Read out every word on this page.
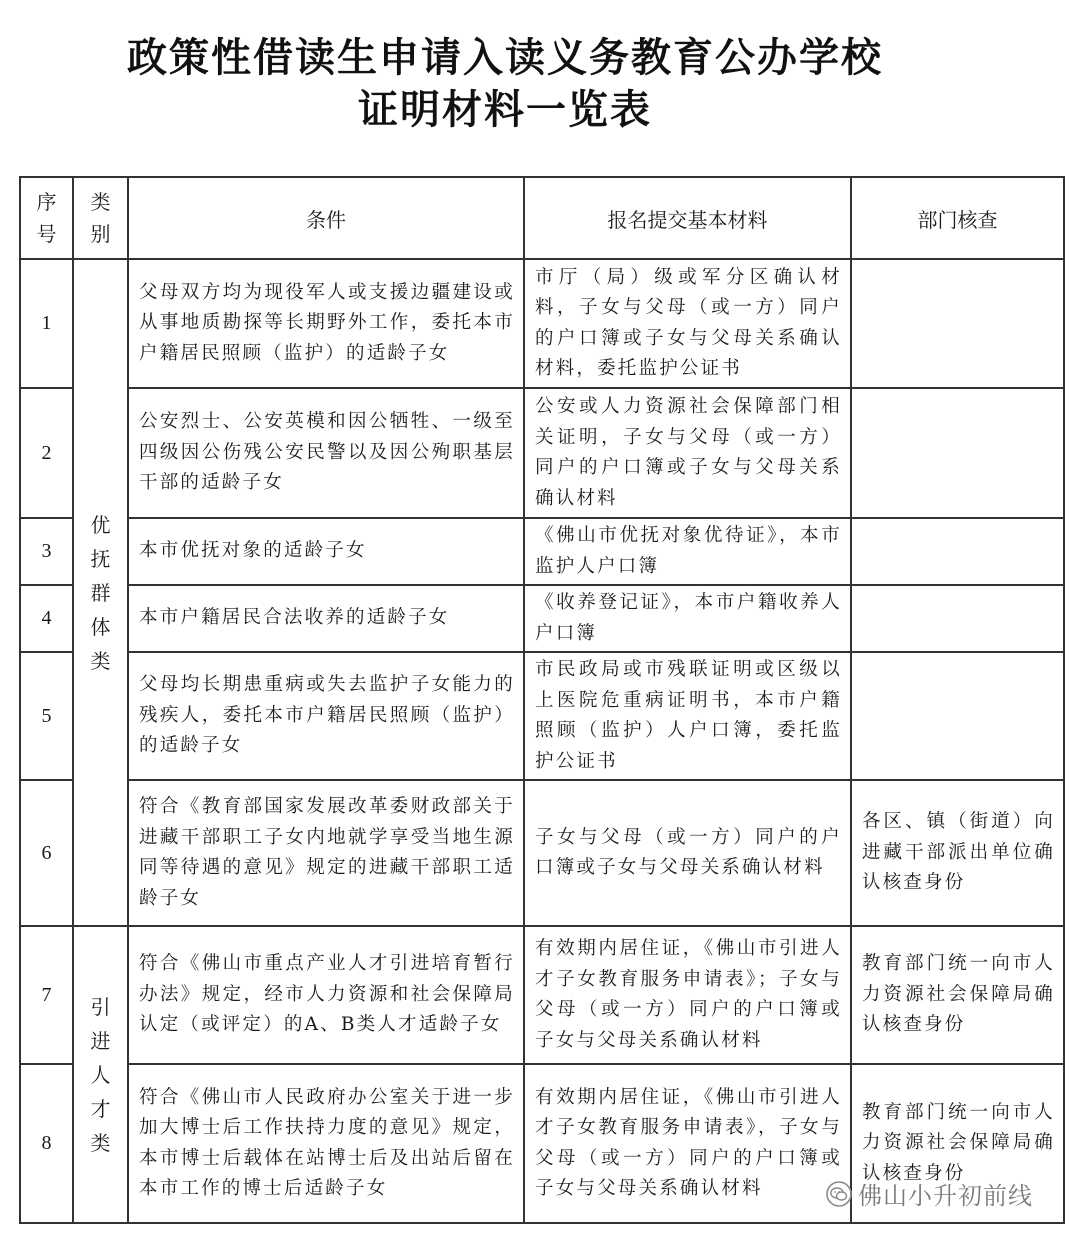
政策性借读生申请入读义务教育公办学校
证明材料一览表
序号	类别	条件	报名提交基本材料	部门核查
1	优抚群体类	父母双方均为现役军人或支援边疆建设或从事地质勘探等长期野外工作，委托本市户籍居民照顾（监护）的适龄子女	市厅（局）级或军分区确认材料，子女与父母（或一方）同户的户口簿或子女与父母关系确认材料，委托监护公证书	
2		公安烈士、公安英模和因公牺牲、一级至四级因公伤残公安民警以及因公殉职基层干部的适龄子女	公安或人力资源社会保障部门相关证明，子女与父母（或一方）同户的户口簿或子女与父母关系确认材料	
3		本市优抚对象的适龄子女	《佛山市优抚对象优待证》，本市监护人户口簿	
4		本市户籍居民合法收养的适龄子女	《收养登记证》，本市户籍收养人户口簿	
5		父母均长期患重病或失去监护子女能力的残疾人，委托本市户籍居民照顾（监护）的适龄子女	市民政局或市残联证明或区级以上医院危重病证明书，本市户籍照顾（监护）人户口簿，委托监护公证书	
6		符合《教育部国家发展改革委财政部关于进藏干部职工子女内地就学享受当地生源同等待遇的意见》规定的进藏干部职工适龄子女	子女与父母（或一方）同户的户口簿或子女与父母关系确认材料	各区、镇（街道）向进藏干部派出单位确认核查身份
7	引进人才类	符合《佛山市重点产业人才引进培育暂行办法》规定，经市人力资源和社会保障局认定（或评定）的A、B类人才适龄子女	有效期内居住证，《佛山市引进人才子女教育服务申请表》；子女与父母（或一方）同户的户口簿或子女与父母关系确认材料	教育部门统一向市人力资源社会保障局确认核查身份
8		符合《佛山市人民政府办公室关于进一步加大博士后工作扶持力度的意见》规定，本市博士后载体在站博士后及出站后留在本市工作的博士后适龄子女	有效期内居住证，《佛山市引进人才子女教育服务申请表》，子女与父母（或一方）同户的户口簿或子女与父母关系确认材料	教育部门统一向市人力资源社会保障局确认核查身份
佛山小升初前线
